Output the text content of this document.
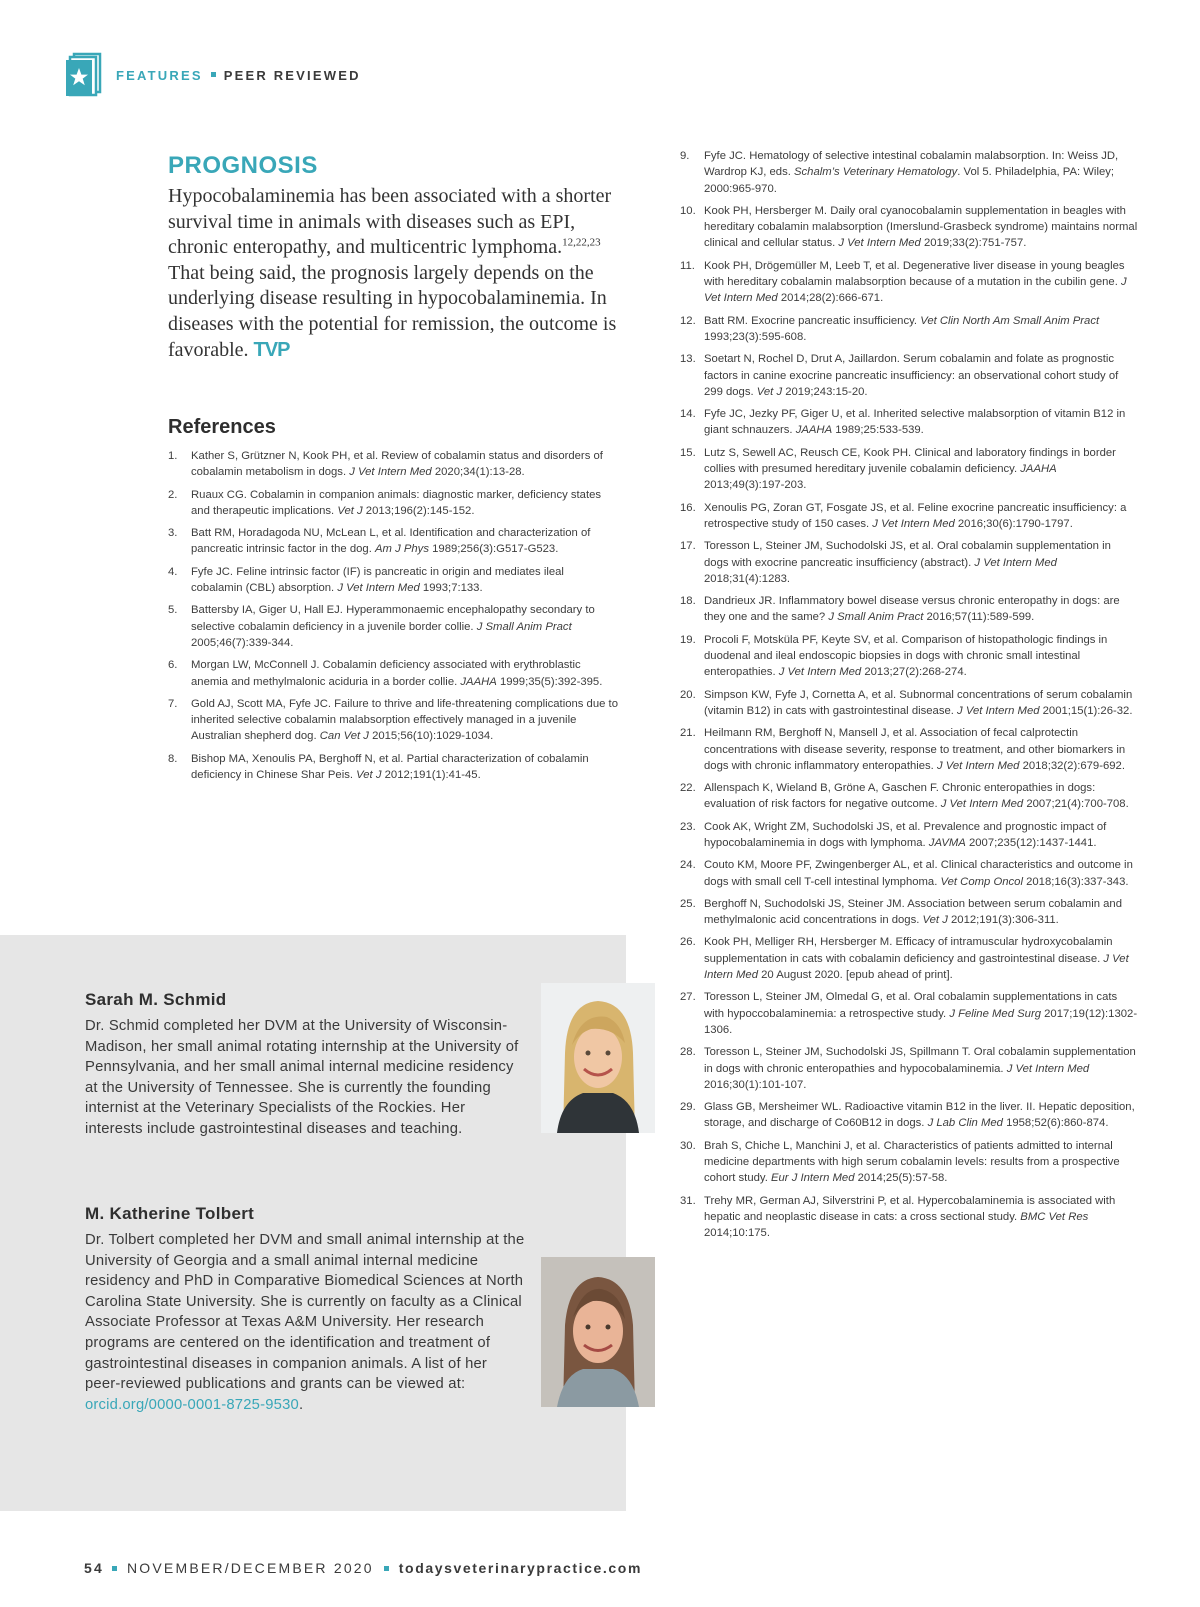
FEATURES PEER REVIEWED
PROGNOSIS
Hypocobalaminemia has been associated with a shorter survival time in animals with diseases such as EPI, chronic enteropathy, and multicentric lymphoma.$^{12,22,23}$ That being said, the prognosis largely depends on the underlying disease resulting in hypocobalaminemia. In diseases with the potential for remission, the outcome is favorable. TVP
References
1.	Kather S, Grützner N, Kook PH, et al. Review of cobalamin status and disorders of cobalamin metabolism in dogs. J Vet Intern Med 2020;34(1):13-28.
2.	Ruaux CG. Cobalamin in companion animals: diagnostic marker, deficiency states and therapeutic implications. Vet J 2013;196(2):145-152.
3.	Batt RM, Horadagoda NU, McLean L, et al. Identification and characterization of pancreatic intrinsic factor in the dog. Am J Phys 1989;256(3):G517-G523.
4.	Fyfe JC. Feline intrinsic factor (IF) is pancreatic in origin and mediates ileal cobalamin (CBL) absorption. J Vet Intern Med 1993;7:133.
5.	Battersby IA, Giger U, Hall EJ. Hyperammonaemic encephalopathy secondary to selective cobalamin deficiency in a juvenile border collie. J Small Anim Pract 2005;46(7):339-344.
6.	Morgan LW, McConnell J. Cobalamin deficiency associated with erythroblastic anemia and methylmalonic aciduria in a border collie. JAAHA 1999;35(5):392-395.
7.	Gold AJ, Scott MA, Fyfe JC. Failure to thrive and life-threatening complications due to inherited selective cobalamin malabsorption effectively managed in a juvenile Australian shepherd dog. Can Vet J 2015;56(10):1029-1034.
8.	Bishop MA, Xenoulis PA, Berghoff N, et al. Partial characterization of cobalamin deficiency in Chinese Shar Peis. Vet J 2012;191(1):41-45.
9.	Fyfe JC. Hematology of selective intestinal cobalamin malabsorption. In: Weiss JD, Wardrop KJ, eds. Schalm’s Veterinary Hematology. Vol 5. Philadelphia, PA: Wiley; 2000:965-970.
10. Kook PH, Hersberger M. Daily oral cyanocobalamin supplementation in beagles with hereditary cobalamin malabsorption (Imerslund-Grasbeck syndrome) maintains normal clinical and cellular status. J Vet Intern Med 2019;33(2):751-757.
11. Kook PH, Drögemüller M, Leeb T, et al. Degenerative liver disease in young beagles with hereditary cobalamin malabsorption because of a mutation in the cubilin gene. J Vet Intern Med 2014;28(2):666-671.
12. Batt RM. Exocrine pancreatic insufficiency. Vet Clin North Am Small Anim Pract 1993;23(3):595-608.
13. Soetart N, Rochel D, Drut A, Jaillardon. Serum cobalamin and folate as prognostic factors in canine exocrine pancreatic insufficiency: an observational cohort study of 299 dogs. Vet J 2019;243:15-20.
14. Fyfe JC, Jezky PF, Giger U, et al. Inherited selective malabsorption of vitamin B12 in giant schnauzers. JAAHA 1989;25:533-539.
15. Lutz S, Sewell AC, Reusch CE, Kook PH. Clinical and laboratory findings in border collies with presumed hereditary juvenile cobalamin deficiency. JAAHA 2013;49(3):197-203.
16. Xenoulis PG, Zoran GT, Fosgate JS, et al. Feline exocrine pancreatic insufficiency: a retrospective study of 150 cases. J Vet Intern Med 2016;30(6):1790-1797.
17. Toresson L, Steiner JM, Suchodolski JS, et al. Oral cobalamin supplementation in dogs with exocrine pancreatic insufficiency (abstract). J Vet Intern Med 2018;31(4):1283.
18. Dandrieux JR. Inflammatory bowel disease versus chronic enteropathy in dogs: are they one and the same? J Small Anim Pract 2016;57(11):589-599.
19. Procoli F, Motsküla PF, Keyte SV, et al. Comparison of histopathologic findings in duodenal and ileal endoscopic biopsies in dogs with chronic small intestinal enteropathies. J Vet Intern Med 2013;27(2):268-274.
20. Simpson KW, Fyfe J, Cornetta A, et al. Subnormal concentrations of serum cobalamin (vitamin B12) in cats with gastrointestinal disease. J Vet Intern Med 2001;15(1):26-32.
21. Heilmann RM, Berghoff N, Mansell J, et al. Association of fecal calprotectin concentrations with disease severity, response to treatment, and other biomarkers in dogs with chronic inflammatory enteropathies. J Vet Intern Med 2018;32(2):679-692.
22. Allenspach K, Wieland B, Gröne A, Gaschen F. Chronic enteropathies in dogs: evaluation of risk factors for negative outcome. J Vet Intern Med 2007;21(4):700-708.
23. Cook AK, Wright ZM, Suchodolski JS, et al. Prevalence and prognostic impact of hypocobalaminemia in dogs with lymphoma. JAVMA 2007;235(12):1437-1441.
24. Couto KM, Moore PF, Zwingenberger AL, et al. Clinical characteristics and outcome in dogs with small cell T-cell intestinal lymphoma. Vet Comp Oncol 2018;16(3):337-343.
25. Berghoff N, Suchodolski JS, Steiner JM. Association between serum cobalamin and methylmalonic acid concentrations in dogs. Vet J 2012;191(3):306-311.
26. Kook PH, Melliger RH, Hersberger M. Efficacy of intramuscular hydroxycobalamin supplementation in cats with cobalamin deficiency and gastrointestinal disease. J Vet Intern Med 20 August 2020. [epub ahead of print].
27. Toresson L, Steiner JM, Olmedal G, et al. Oral cobalamin supplementations in cats with hypoccobalaminemia: a retrospective study. J Feline Med Surg 2017;19(12):1302-1306.
28. Toresson L, Steiner JM, Suchodolski JS, Spillmann T. Oral cobalamin supplementation in dogs with chronic enteropathies and hypocobalaminemia. J Vet Intern Med 2016;30(1):101-107.
29. Glass GB, Mersheimer WL. Radioactive vitamin B12 in the liver. II. Hepatic deposition, storage, and discharge of Co60B12 in dogs. J Lab Clin Med 1958;52(6):860-874.
30. Brah S, Chiche L, Manchini J, et al. Characteristics of patients admitted to internal medicine departments with high serum cobalamin levels: results from a prospective cohort study. Eur J Intern Med 2014;25(5):57-58.
31. Trehy MR, German AJ, Silverstrini P, et al. Hypercobalaminemia is associated with hepatic and neoplastic disease in cats: a cross sectional study. BMC Vet Res 2014;10:175.
Sarah M. Schmid
Dr. Schmid completed her DVM at the University of Wisconsin-Madison, her small animal rotating internship at the University of Pennsylvania, and her small animal internal medicine residency at the University of Tennessee. She is currently the founding internist at the Veterinary Specialists of the Rockies. Her interests include gastrointestinal diseases and teaching.
M. Katherine Tolbert
Dr. Tolbert completed her DVM and small animal internship at the University of Georgia and a small animal internal medicine residency and PhD in Comparative Biomedical Sciences at North Carolina State University. She is currently on faculty as a Clinical Associate Professor at Texas A&M University. Her research programs are centered on the identification and treatment of gastrointestinal diseases in companion animals. A list of her peer-reviewed publications and grants can be viewed at: orcid.org/0000-0001-8725-9530.
54 NOVEMBER/DECEMBER 2020 todaysveterinarypractice.com
